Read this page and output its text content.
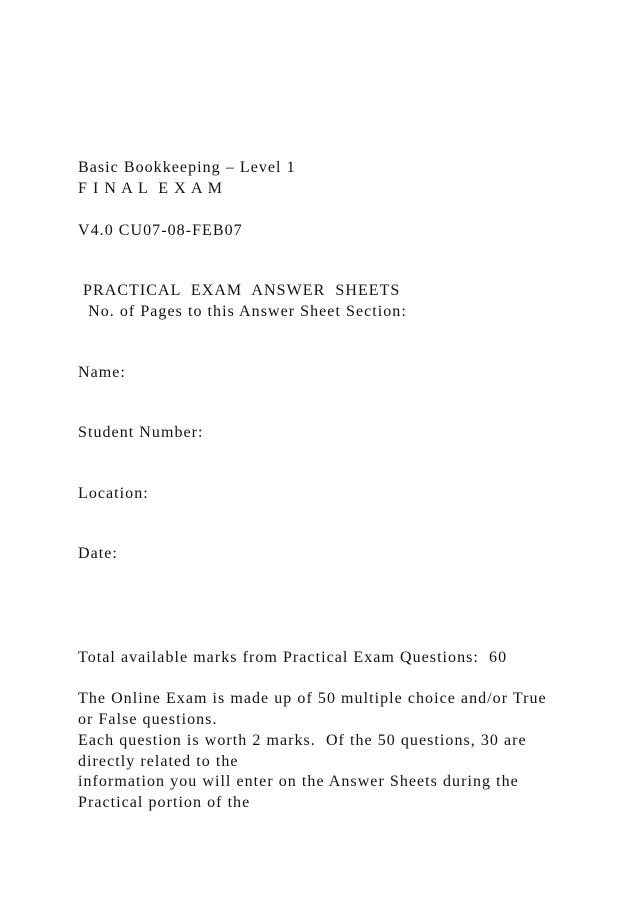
Basic Bookkeeping – Level 1
F I N A L  E X A M
V4.0 CU07-08-FEB07
PRACTICAL  EXAM  ANSWER  SHEETS
No. of Pages to this Answer Sheet Section:
Name:
Student Number:
Location:
Date:
Total available marks from Practical Exam Questions:  60
The Online Exam is made up of 50 multiple choice and/or True
or False questions.
Each question is worth 2 marks.  Of the 50 questions, 30 are
directly related to the
information you will enter on the Answer Sheets during the
Practical portion of the
